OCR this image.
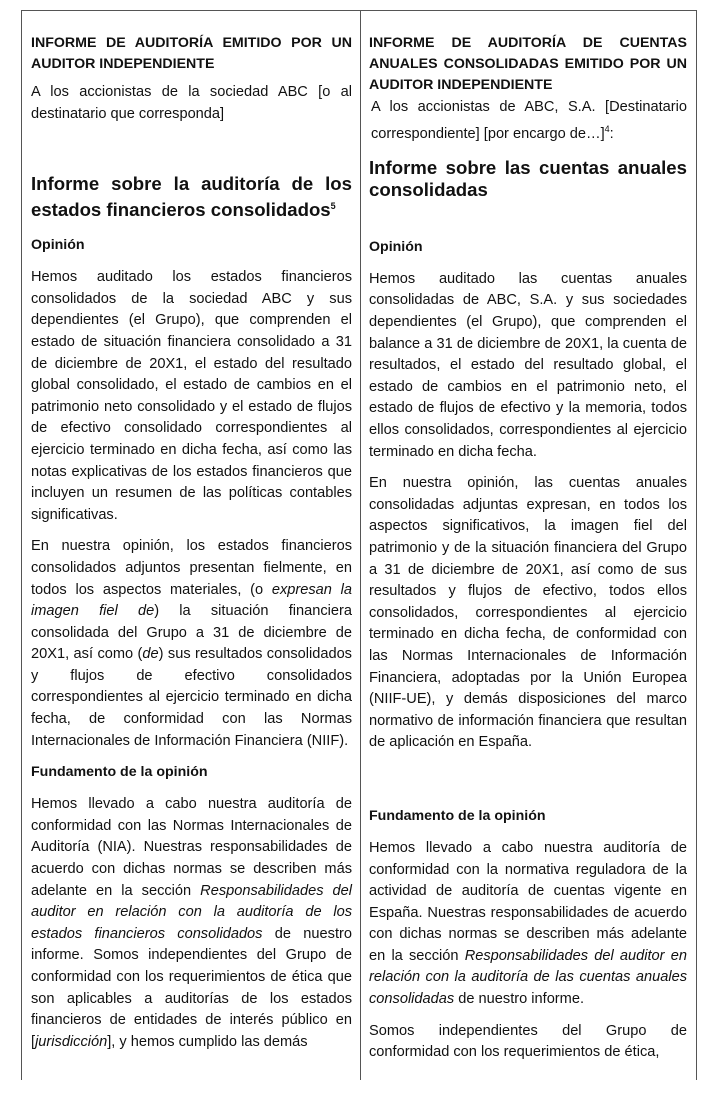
INFORME DE AUDITORÍA EMITIDO POR UN AUDITOR INDEPENDIENTE

A los accionistas de la sociedad ABC [o al destinatario que corresponda]

Informe sobre la auditoría de los estados financieros consolidados$^5$

Opinión

Hemos auditado los estados financieros consolidados de la sociedad ABC y sus dependientes (el Grupo), que comprenden el estado de situación financiera consolidado a 31 de diciembre de 20X1, el estado del resultado global consolidado, el estado de cambios en el patrimonio neto consolidado y el estado de flujos de efectivo consolidado correspondientes al ejercicio terminado en dicha fecha, así como las notas explicativas de los estados financieros que incluyen un resumen de las políticas contables significativas.

En nuestra opinión, los estados financieros consolidados adjuntos presentan fielmente, en todos los aspectos materiales, (o expresan la imagen fiel de) la situación financiera consolidada del Grupo a 31 de diciembre de 20X1, así como (de) sus resultados consolidados y flujos de efectivo consolidados correspondientes al ejercicio terminado en dicha fecha, de conformidad con las Normas Internacionales de Información Financiera (NIIF).

Fundamento de la opinión

Hemos llevado a cabo nuestra auditoría de conformidad con las Normas Internacionales de Auditoría (NIA). Nuestras responsabilidades de acuerdo con dichas normas se describen más adelante en la sección Responsabilidades del auditor en relación con la auditoría de los estados financieros consolidados de nuestro informe. Somos independientes del Grupo de conformidad con los requerimientos de ética que son aplicables a auditorías de los estados financieros de entidades de interés público en [jurisdicción], y hemos cumplido las demás

INFORME DE AUDITORÍA DE CUENTAS ANUALES CONSOLIDADAS EMITIDO POR UN AUDITOR INDEPENDIENTE

A los accionistas de ABC, S.A. [Destinatario correspondiente] [por encargo de…]$^4$:

Informe sobre las cuentas anuales consolidadas

Opinión

Hemos auditado las cuentas anuales consolidadas de ABC, S.A. y sus sociedades dependientes (el Grupo), que comprenden el balance a 31 de diciembre de 20X1, la cuenta de resultados, el estado del resultado global, el estado de cambios en el patrimonio neto, el estado de flujos de efectivo y la memoria, todos ellos consolidados, correspondientes al ejercicio terminado en dicha fecha.

En nuestra opinión, las cuentas anuales consolidadas adjuntas expresan, en todos los aspectos significativos, la imagen fiel del patrimonio y de la situación financiera del Grupo a 31 de diciembre de 20X1, así como de sus resultados y flujos de efectivo, todos ellos consolidados, correspondientes al ejercicio terminado en dicha fecha, de conformidad con las Normas Internacionales de Información Financiera, adoptadas por la Unión Europea (NIIF-UE), y demás disposiciones del marco normativo de información financiera que resultan de aplicación en España.

Fundamento de la opinión

Hemos llevado a cabo nuestra auditoría de conformidad con la normativa reguladora de la actividad de auditoría de cuentas vigente en España. Nuestras responsabilidades de acuerdo con dichas normas se describen más adelante en la sección Responsabilidades del auditor en relación con la auditoría de las cuentas anuales consolidadas de nuestro informe.

Somos independientes del Grupo de conformidad con los requerimientos de ética,
